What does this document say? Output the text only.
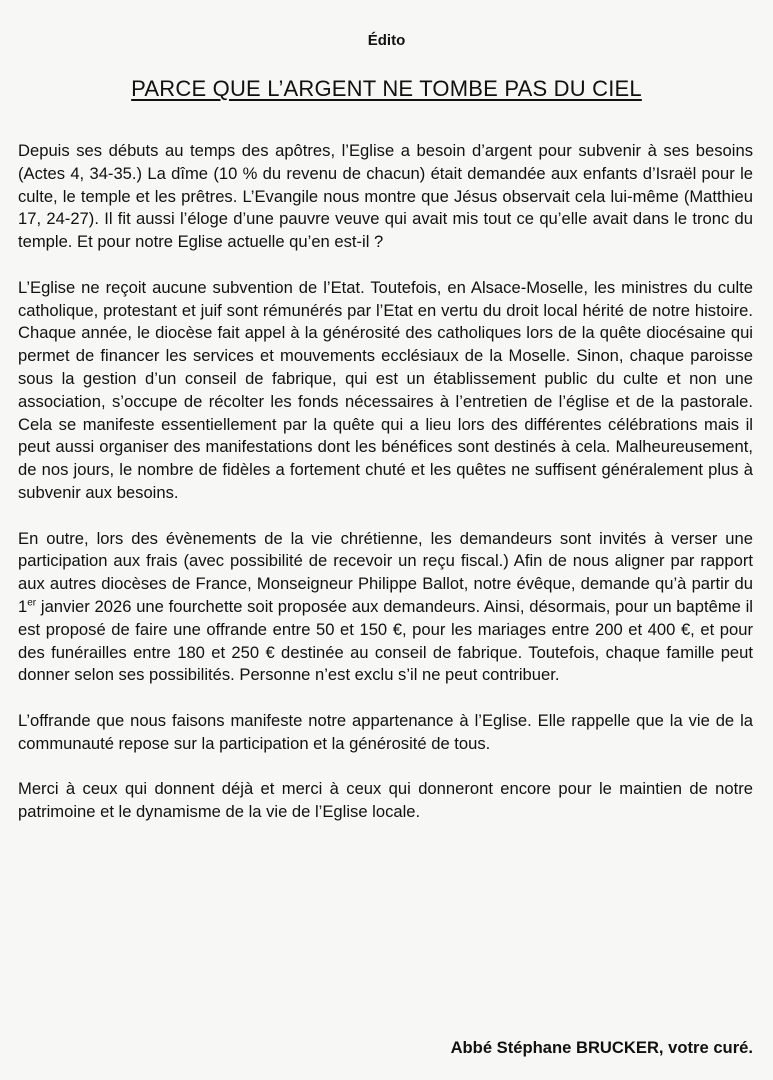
Édito
PARCE QUE L’ARGENT NE TOMBE PAS DU CIEL

Depuis ses débuts au temps des apôtres, l’Eglise a besoin d’argent pour subvenir à ses besoins (Actes 4, 34-35.) La dîme (10 % du revenu de chacun) était demandée aux enfants d’Israël pour le culte, le temple et les prêtres. L’Evangile nous montre que Jésus observait cela lui-même (Matthieu 17, 24-27). Il fit aussi l’éloge d’une pauvre veuve qui avait mis tout ce qu’elle avait dans le tronc du temple. Et pour notre Eglise actuelle qu’en est-il ?

L’Eglise ne reçoit aucune subvention de l’Etat. Toutefois, en Alsace-Moselle, les ministres du culte catholique, protestant et juif sont rémunérés par l’Etat en vertu du droit local hérité de notre histoire. Chaque année, le diocèse fait appel à la générosité des catholiques lors de la quête diocésaine qui permet de financer les services et mouvements ecclésiaux de la Moselle. Sinon, chaque paroisse sous la gestion d’un conseil de fabrique, qui est un établissement public du culte et non une association, s’occupe de récolter les fonds nécessaires à l’entretien de l’église et de la pastorale. Cela se manifeste essentiellement par la quête qui a lieu lors des différentes célébrations mais il peut aussi organiser des manifestations dont les bénéfices sont destinés à cela. Malheureusement, de nos jours, le nombre de fidèles a fortement chuté et les quêtes ne suffisent généralement plus à subvenir aux besoins.

En outre, lors des évènements de la vie chrétienne, les demandeurs sont invités à verser une participation aux frais (avec possibilité de recevoir un reçu fiscal.) Afin de nous aligner par rapport aux autres diocèses de France, Monseigneur Philippe Ballot, notre évêque, demande qu’à partir du 1er janvier 2026 une fourchette soit proposée aux demandeurs. Ainsi, désormais, pour un baptême il est proposé de faire une offrande entre 50 et 150 €, pour les mariages entre 200 et 400 €, et pour des funérailles entre 180 et 250 € destinée au conseil de fabrique. Toutefois, chaque famille peut donner selon ses possibilités. Personne n’est exclu s’il ne peut contribuer.

L’offrande que nous faisons manifeste notre appartenance à l’Eglise. Elle rappelle que la vie de la communauté repose sur la participation et la générosité de tous.

Merci à ceux qui donnent déjà et merci à ceux qui donneront encore pour le maintien de notre patrimoine et le dynamisme de la vie de l’Eglise locale.

Abbé Stéphane BRUCKER, votre curé.
